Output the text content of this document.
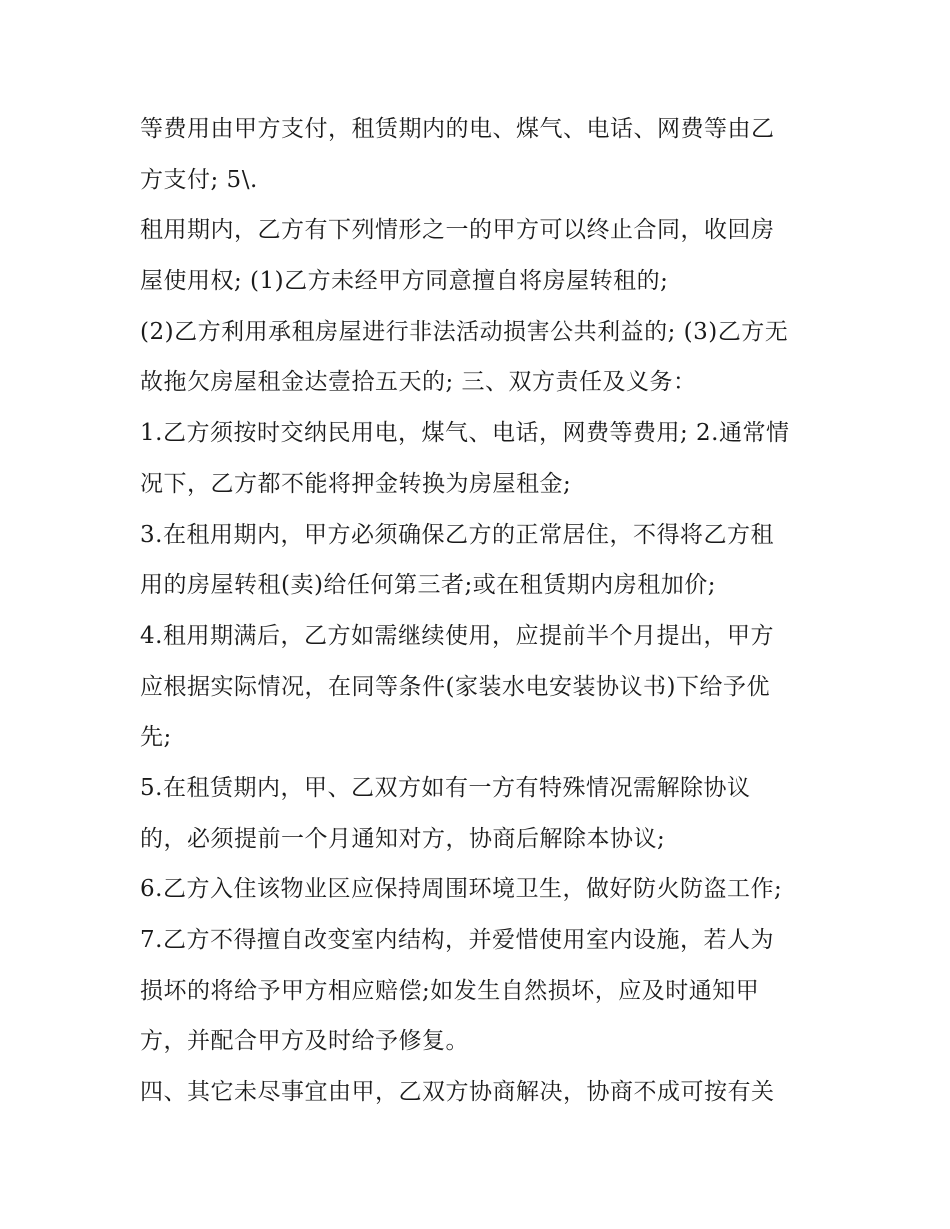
等费用由甲方支付，租赁期内的电、煤气、电话、网费等由乙
方支付; 5\.
租用期内，乙方有下列情形之一的甲方可以终止合同，收回房
屋使用权; (1)乙方未经甲方同意擅自将房屋转租的;
(2)乙方利用承租房屋进行非法活动损害公共利益的; (3)乙方无
故拖欠房屋租金达壹拾五天的; 三、双方责任及义务：
1.乙方须按时交纳民用电，煤气、电话，网费等费用; 2.通常情
况下，乙方都不能将押金转换为房屋租金;
3.在租用期内，甲方必须确保乙方的正常居住，不得将乙方租
用的房屋转租(卖)给任何第三者;或在租赁期内房租加价;
4.租用期满后，乙方如需继续使用，应提前半个月提出，甲方
应根据实际情况，在同等条件(家装水电安装协议书)下给予优
先;
5.在租赁期内，甲、乙双方如有一方有特殊情况需解除协议
的，必须提前一个月通知对方，协商后解除本协议;
6.乙方入住该物业区应保持周围环境卫生，做好防火防盗工作;
7.乙方不得擅自改变室内结构，并爱惜使用室内设施，若人为
损坏的将给予甲方相应赔偿;如发生自然损坏，应及时通知甲
方，并配合甲方及时给予修复。
四、其它未尽事宜由甲，乙双方协商解决，协商不成可按有关
